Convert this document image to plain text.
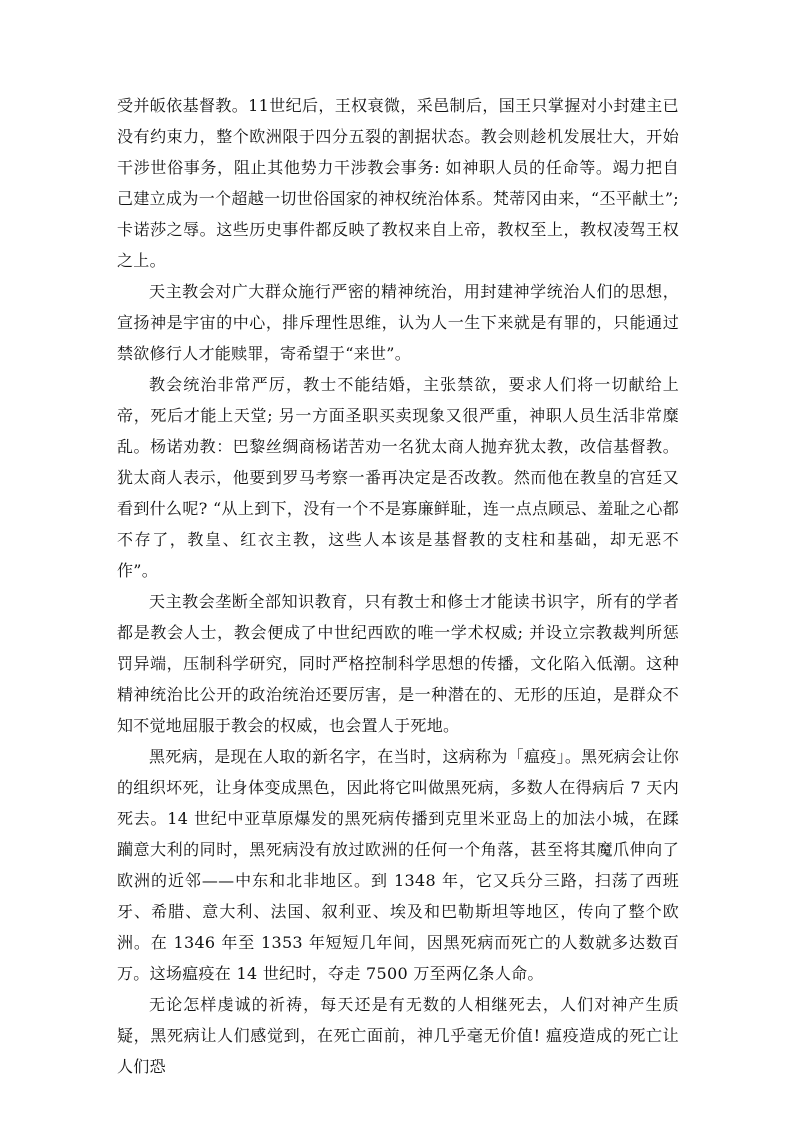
受并皈依基督教。11世纪后，王权衰微，采邑制后，国王只掌握对小封建主已没有约束力，整个欧洲限于四分五裂的割据状态。教会则趁机发展壮大，开始干涉世俗事务，阻止其他势力干涉教会事务: 如神职人员的任命等。竭力把自己建立成为一个超越一切世俗国家的神权统治体系。梵蒂冈由来，“丕平献土”; 卡诺莎之辱。这些历史事件都反映了教权来自上帝，教权至上，教权凌驾王权之上。

天主教会对广大群众施行严密的精神统治，用封建神学统治人们的思想，宣扬神是宇宙的中心，排斥理性思维，认为人一生下来就是有罪的，只能通过禁欲修行人才能赎罪，寄希望于“来世”。

教会统治非常严厉，教士不能结婚，主张禁欲，要求人们将一切献给上帝，死后才能上天堂; 另一方面圣职买卖现象又很严重，神职人员生活非常糜乱。杨诺劝教：巴黎丝绸商杨诺苦劝一名犹太商人抛弃犹太教，改信基督教。犹太商人表示，他要到罗马考察一番再决定是否改教。然而他在教皇的宫廷又看到什么呢? “从上到下，没有一个不是寡廉鲜耻，连一点点顾忌、羞耻之心都不存了，教皇、红衣主教，这些人本该是基督教的支柱和基础，却无恶不作”。

天主教会垄断全部知识教育，只有教士和修士才能读书识字，所有的学者都是教会人士，教会便成了中世纪西欧的唯一学术权威; 并设立宗教裁判所惩罚异端，压制科学研究，同时严格控制科学思想的传播，文化陷入低潮。这种精神统治比公开的政治统治还要厉害，是一种潜在的、无形的压迫，是群众不知不觉地屈服于教会的权威，也会置人于死地。

黑死病，是现在人取的新名字，在当时，这病称为「瘟疫」。黑死病会让你的组织坏死，让身体变成黑色，因此将它叫做黑死病，多数人在得病后 7 天内死去。14 世纪中亚草原爆发的黑死病传播到克里米亚岛上的加法小城，在蹂躏意大利的同时，黑死病没有放过欧洲的任何一个角落，甚至将其魔爪伸向了欧洲的近邻——中东和北非地区。到 1348 年，它又兵分三路，扫荡了西班牙、希腊、意大利、法国、叙利亚、埃及和巴勒斯坦等地区，传向了整个欧洲。在 1346 年至 1353 年短短几年间，因黑死病而死亡的人数就多达数百万。这场瘟疫在 14 世纪时，夺走 7500 万至两亿条人命。

无论怎样虔诚的祈祷，每天还是有无数的人相继死去，人们对神产生质疑，黑死病让人们感觉到，在死亡面前，神几乎毫无价值! 瘟疫造成的死亡让人们恐
